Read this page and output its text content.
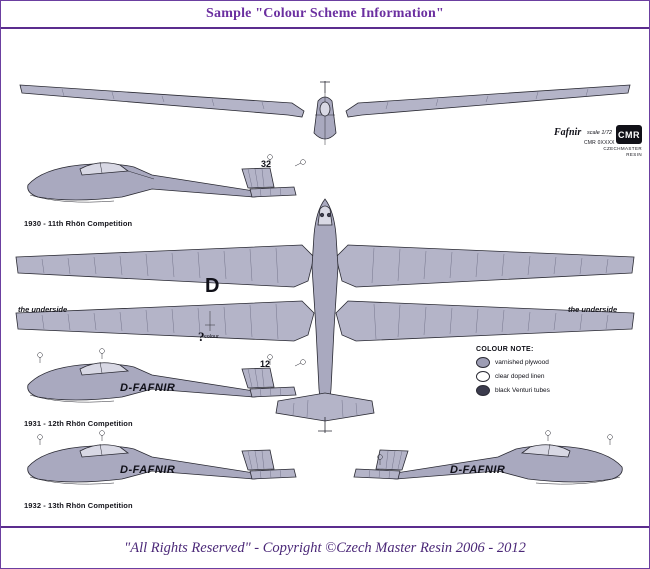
Sample "Colour Scheme Information"
32
1930 - 11th Rhön Competition
the underside	the underside
D
? colour
12
D-FAFNIR
1931 - 12th Rhön Competition
D-FAFNIR	D-FAFNIR
1932 - 13th Rhön Competition
COLOUR NOTE:
varnished plywood
clear doped linen
black Venturi tubes
Fafnir scale 1/72 CMR
CMR 0XXXX
CZECHMASTER
RESIN
"All Rights Reserved" - Copyright ©Czech Master Resin 2006 - 2012
